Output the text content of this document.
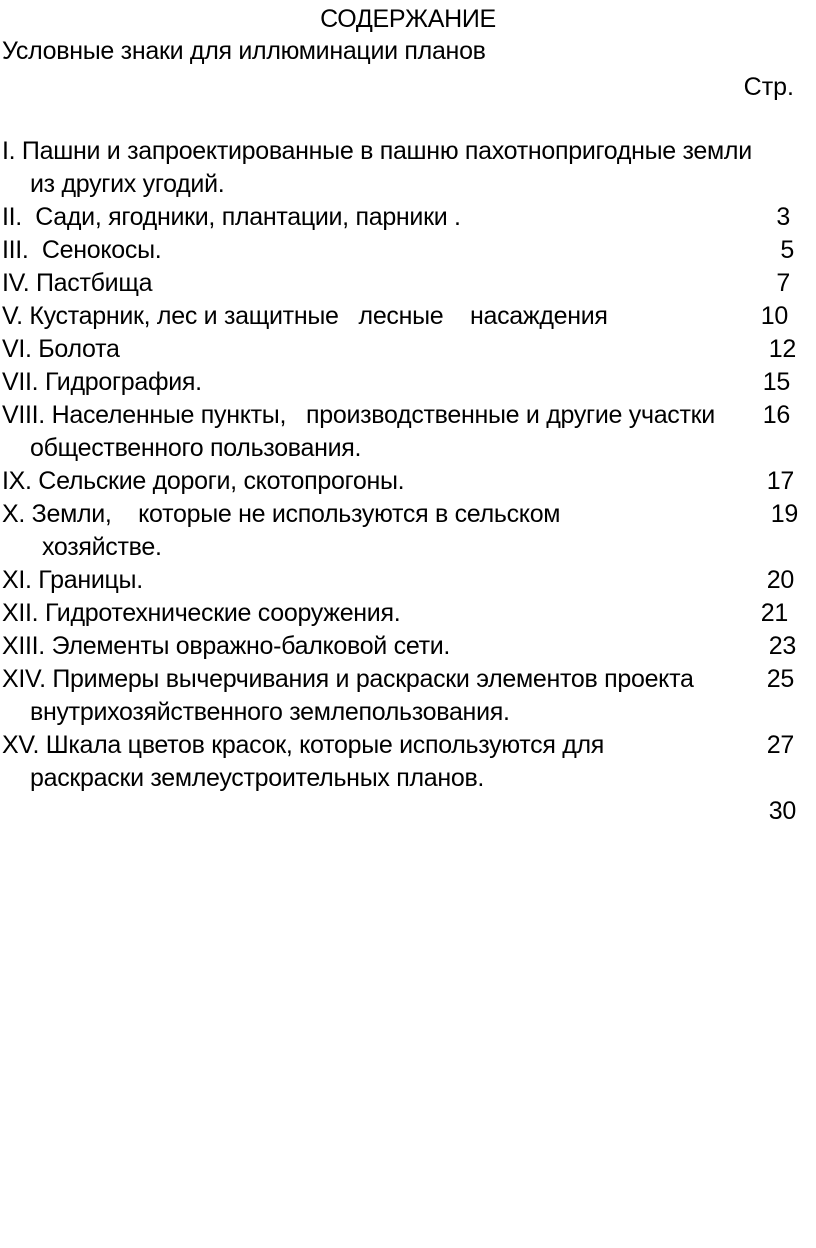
СОДЕРЖАНИЕ
Условные знаки для иллюминации планов
Стр.

I. Пашни и запроектированные в пашню пахотнопригодные земли

из других угодий.

3

II.  Сади, ягодники, плантации, парники .

5

III.  Сенокосы.

7

IV. Пастбища

10

V. Кустарник, лес и защитные   лесные    насаждения

12

VI. Болота

15

VII. Гидрография.

16

VIII. Населенные пункты,   производственные и другие участки

общественного пользования.

17

IX. Сельские дороги, скотопрогоны.

19

X. Земли,    которые не используются в сельском

хозяйстве.

20

XI. Границы.

21

XII. Гидротехнические сооружения.

23

XIII. Элементы овражно-балковой сети.

25

XIV. Примеры вычерчивания и раскраски элементов проекта

внутрихозяйственного землепользования.

27

XV. Шкала цветов красок, которые используются для

раскраски землеустроительных планов.

30
